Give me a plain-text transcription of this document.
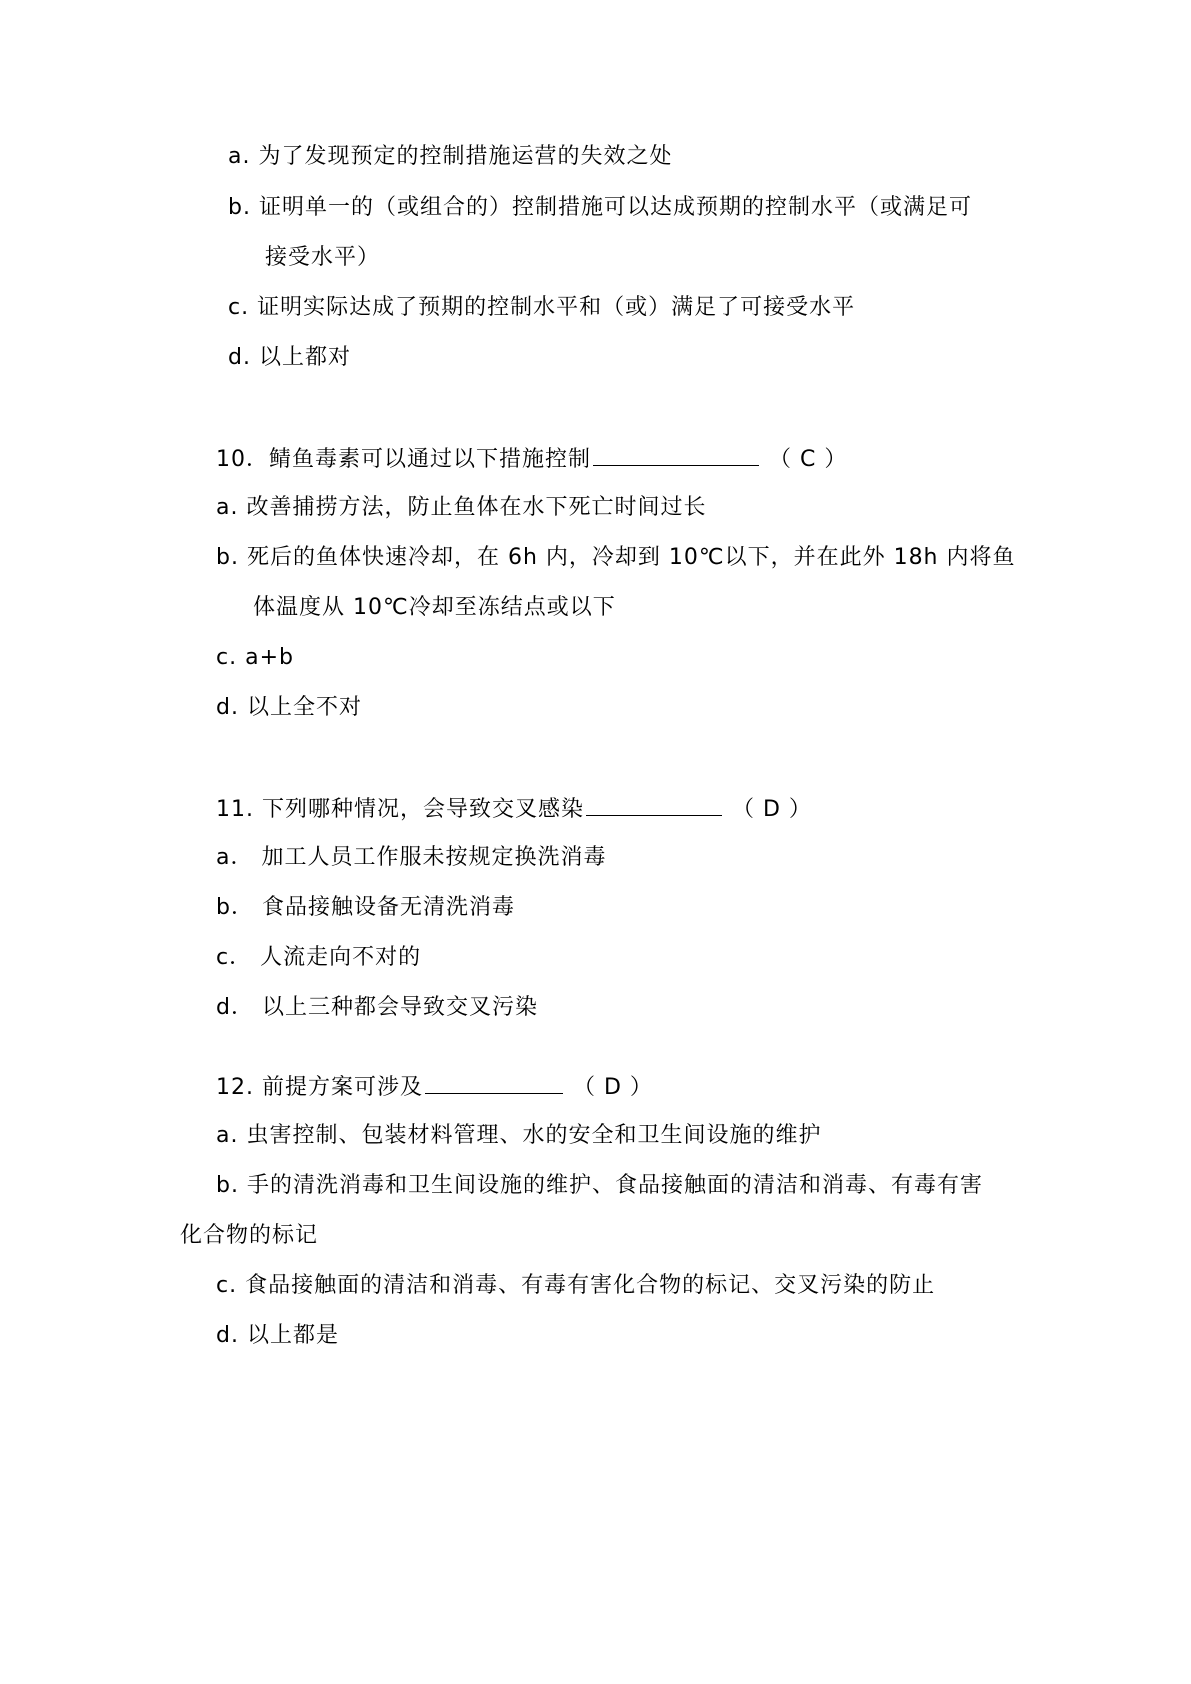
a. 为了发现预定的控制措施运营的失效之处
b. 证明单一的（或组合的）控制措施可以达成预期的控制水平（或满足可
接受水平）
c. 证明实际达成了预期的控制水平和（或）满足了可接受水平
d. 以上都对
10．鲭鱼毒素可以通过以下措施控制	（ C ）
a. 改善捕捞方法，防止鱼体在水下死亡时间过长
b. 死后的鱼体快速冷却，在 6h 内，冷却到 10℃以下，并在此外 18h 内将鱼
体温度从 10℃冷却至冻结点或以下
c. a+b
d. 以上全不对
11. 下列哪种情况，会导致交叉感染	（ D ）
a． 加工人员工作服未按规定换洗消毒
b． 食品接触设备无清洗消毒
c． 人流走向不对的
d． 以上三种都会导致交叉污染
12. 前提方案可涉及	（ D ）
a. 虫害控制、包装材料管理、水的安全和卫生间设施的维护
b. 手的清洗消毒和卫生间设施的维护、食品接触面的清洁和消毒、有毒有害
化合物的标记
c. 食品接触面的清洁和消毒、有毒有害化合物的标记、交叉污染的防止
d. 以上都是
